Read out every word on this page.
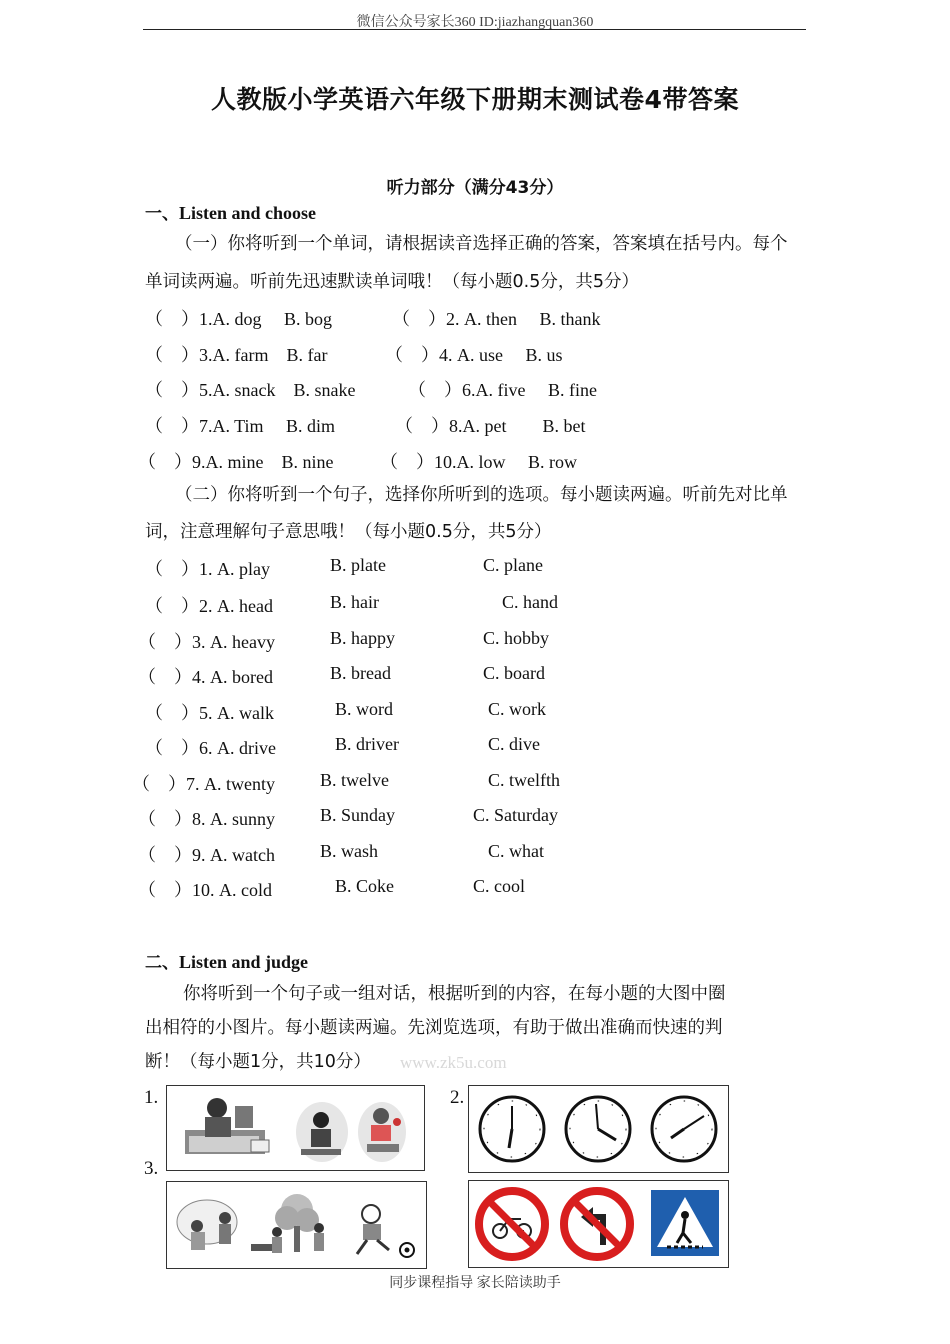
微信公众号家长360 ID:jiazhangquan360
人教版小学英语六年级下册期末测试卷4带答案
听力部分（满分43分）
一、Listen and choose
（一）你将听到一个单词，请根据读音选择正确的答案，答案填在括号内。每个
单词读两遍。听前先迅速默读单词哦！（每小题0.5分，共5分）
（　）1.A. dog　 B. bog	（　）2. A. then　 B. thank
（　）3.A. farm　B. far	（　）4. A. use　 B. us
（　）5.A. snack　B. snake	（　）6.A. five　 B. fine
（　）7.A. Tim　 B. dim	（　）8.A. pet　　B. bet
（　）9.A. mine　B. nine	（　）10.A. low　 B. row
（二）你将听到一个句子，选择你所听到的选项。每小题读两遍。听前先对比单
词，注意理解句子意思哦！（每小题0.5分，共5分）
（　）1. A. play	B. plate	C. plane
（　）2. A. head	B. hair	C. hand
（　）3. A. heavy	B. happy	C. hobby
（　）4. A. bored	B. bread	C. board
（　）5. A. walk	B. word	C. work
（　）6. A. drive	B. driver	C. dive
（　）7. A. twenty	B. twelve	C. twelfth
（　）8. A. sunny B. Sunday	C. Saturday
（　）9. A. watch	B. wash	C. what
（　）10. A. cold	B. Coke	C. cool
二、Listen and judge
你将听到一个句子或一组对话，根据听到的内容，在每小题的大图中圈
出相符的小图片。每小题读两遍。先浏览选项，有助于做出准确而快速的判
断！（每小题1分，共10分） www.zk5u.com
1.	2.
3.
同步课程指导 家长陪读助手
